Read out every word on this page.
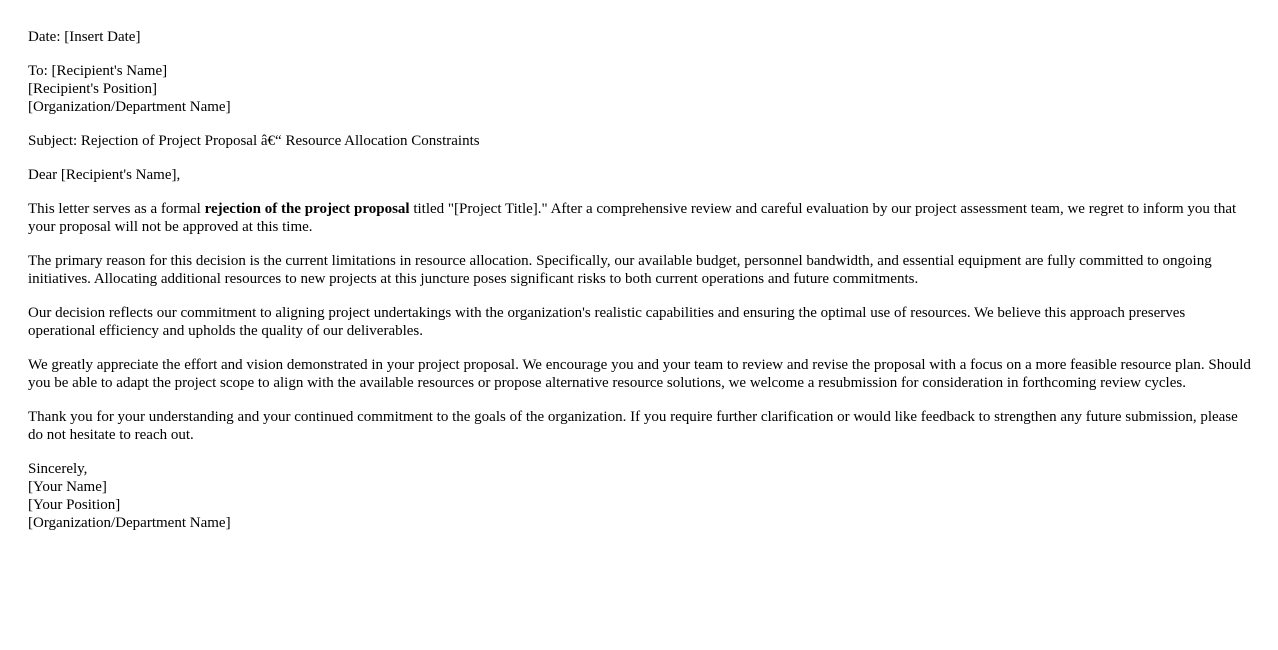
Date: [Insert Date]
To: [Recipient's Name]
[Recipient's Position]
[Organization/Department Name]
Subject: Rejection of Project Proposal â€“ Resource Allocation Constraints
Dear [Recipient's Name],

This letter serves as a formal rejection of the project proposal titled "[Project Title]." After a comprehensive review and careful evaluation by our project assessment team, we regret to inform you that your proposal will not be approved at this time.

The primary reason for this decision is the current limitations in resource allocation. Specifically, our available budget, personnel bandwidth, and essential equipment are fully committed to ongoing initiatives. Allocating additional resources to new projects at this juncture poses significant risks to both current operations and future commitments.

Our decision reflects our commitment to aligning project undertakings with the organization's realistic capabilities and ensuring the optimal use of resources. We believe this approach preserves operational efficiency and upholds the quality of our deliverables.

We greatly appreciate the effort and vision demonstrated in your project proposal. We encourage you and your team to review and revise the proposal with a focus on a more feasible resource plan. Should you be able to adapt the project scope to align with the available resources or propose alternative resource solutions, we welcome a resubmission for consideration in forthcoming review cycles.

Thank you for your understanding and your continued commitment to the goals of the organization. If you require further clarification or would like feedback to strengthen any future submission, please do not hesitate to reach out.

Sincerely,
[Your Name]
[Your Position]
[Organization/Department Name]
